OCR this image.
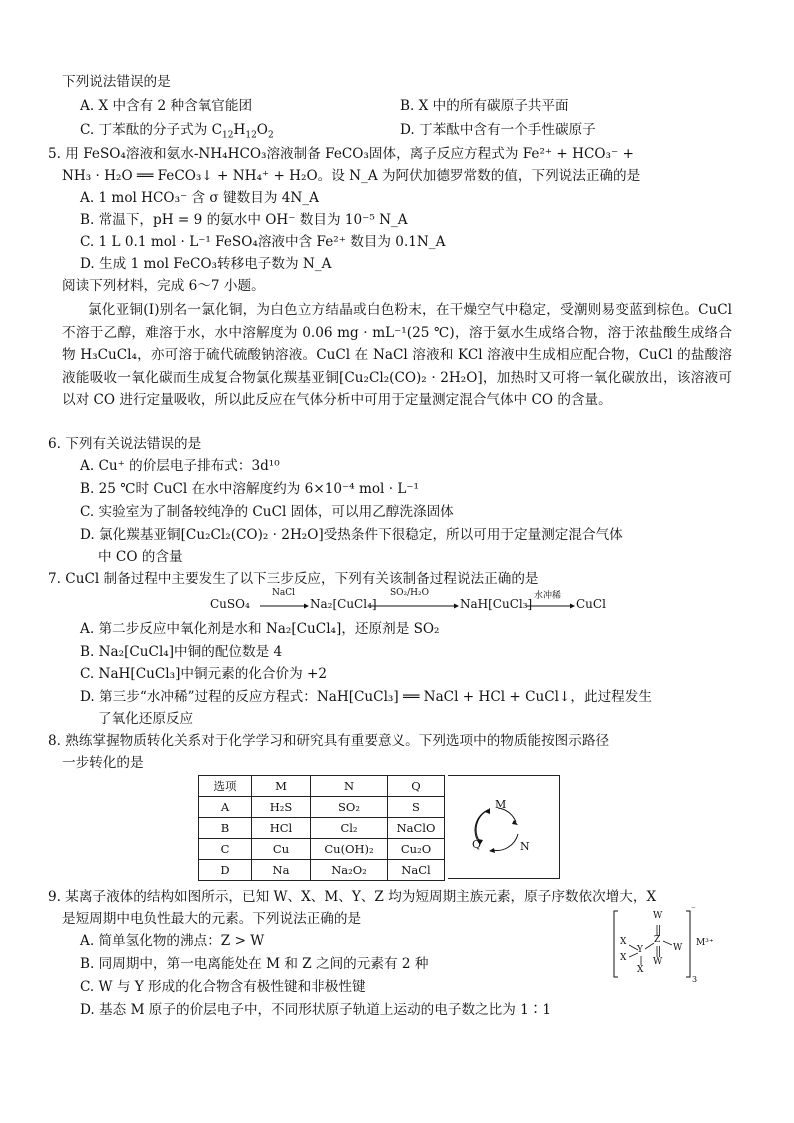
下列说法错误的是
A. X 中含有 2 种含氧官能团	B. X 中的所有碳原子共平面
C. 丁苯酞的分子式为 $C_{12}H_{12}O_2$	D. 丁苯酞中含有一个手性碳原子
5. 用 FeSO₄溶液和氨水-NH₄HCO₃溶液制备 FeCO₃固体，离子反应方程式为 Fe²⁺ + HCO₃⁻ +
NH₃ · H₂O ══ FeCO₃↓ + NH₄⁺ + H₂O。设 N_A 为阿伏加德罗常数的值，下列说法正确的是
A. 1 mol HCO₃⁻ 含 σ 键数目为 4N_A
B. 常温下，pH = 9 的氨水中 OH⁻ 数目为 10⁻⁵ N_A
C. 1 L 0.1 mol · L⁻¹ FeSO₄溶液中含 Fe²⁺ 数目为 0.1N_A
D. 生成 1 mol FeCO₃转移电子数为 N_A
阅读下列材料，完成 6～7 小题。
氯化亚铜(Ⅰ)别名一氯化铜，为白色立方结晶或白色粉末，在干燥空气中稳定，受潮则易变蓝到棕色。CuCl 不溶于乙醇，难溶于水，水中溶解度为 0.06 mg · mL⁻¹(25 ℃)，溶于氨水生成络合物，溶于浓盐酸生成络合物 H₃CuCl₄，亦可溶于硫代硫酸钠溶液。CuCl 在 NaCl 溶液和 KCl 溶液中生成相应配合物，CuCl 的盐酸溶液能吸收一氧化碳而生成复合物氯化羰基亚铜[Cu₂Cl₂(CO)₂ · 2H₂O]，加热时又可将一氧化碳放出，该溶液可以对 CO 进行定量吸收，所以此反应在气体分析中可用于定量测定混合气体中 CO 的含量。
6. 下列有关说法错误的是
A. Cu⁺ 的价层电子排布式：3d¹⁰
B. 25 ℃时 CuCl 在水中溶解度约为 6×10⁻⁴ mol · L⁻¹
C. 实验室为了制备较纯净的 CuCl 固体，可以用乙醇洗涤固体
D. 氯化羰基亚铜[Cu₂Cl₂(CO)₂ · 2H₂O]受热条件下很稳定，所以可用于定量测定混合气体
中 CO 的含量
7. CuCl 制备过程中主要发生了以下三步反应，下列有关该制备过程说法正确的是
CuSO₄
NaCl
Na₂[CuCl₄]
SO₂/H₂O
NaH[CuCl₃]
水冲稀
CuCl
A. 第二步反应中氧化剂是水和 Na₂[CuCl₄]，还原剂是 SO₂
B. Na₂[CuCl₄]中铜的配位数是 4
C. NaH[CuCl₃]中铜元素的化合价为 +2
D. 第三步“水冲稀”过程的反应方程式：NaH[CuCl₃] ══ NaCl + HCl + CuCl↓，此过程发生
了氧化还原反应
8. 熟练掌握物质转化关系对于化学学习和研究具有重要意义。下列选项中的物质能按图示路径
一步转化的是
选项	M	N	Q
A	H₂S	SO₂	S
B	HCl	Cl₂	NaClO
C	Cu	Cu(OH)₂	Cu₂O
D	Na	Na₂O₂	NaCl
M
N
Q
9. 某离子液体的结构如图所示，已知 W、X、M、Y、Z 均为短周期主族元素，原子序数依次增大，X
是短周期中电负性最大的元素。下列说法正确的是
A. 简单氢化物的沸点：Z > W
B. 同周期中，第一电离能处在 M 和 Z 之间的元素有 2 种
C. W 与 Y 形成的化合物含有极性键和非极性键
D. 基态 M 原子的价层电子中，不同形状原子轨道上运动的电子数之比为 1∶1
W
X
X
Y
X
Z
W
W
⁻
3
M³⁺
